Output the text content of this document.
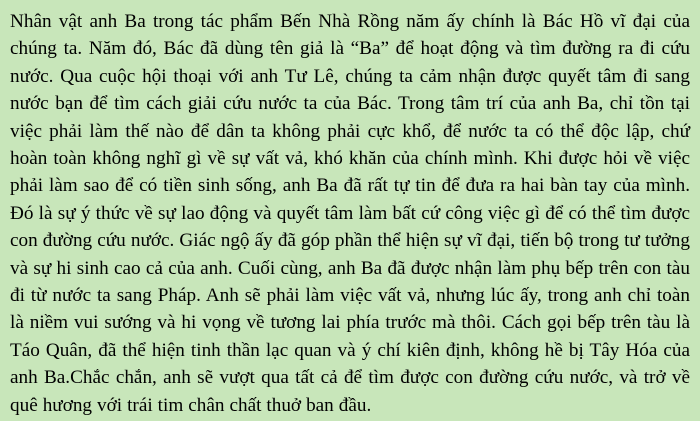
Nhân vật anh Ba trong tác phẩm Bến Nhà Rồng năm ấy chính là Bác Hồ vĩ đại của chúng ta. Năm đó, Bác đã dùng tên giả là “Ba” để hoạt động và tìm đường ra đi cứu nước. Qua cuộc hội thoại với anh Tư Lê, chúng ta cảm nhận được quyết tâm đi sang nước bạn để tìm cách giải cứu nước ta của Bác. Trong tâm trí của anh Ba, chỉ tồn tại việc phải làm thế nào để dân ta không phải cực khổ, để nước ta có thể độc lập, chứ hoàn toàn không nghĩ gì về sự vất vả, khó khăn của chính mình. Khi được hỏi về việc phải làm sao để có tiền sinh sống, anh Ba đã rất tự tin để đưa ra hai bàn tay của mình. Đó là sự ý thức về sự lao động và quyết tâm làm bất cứ công việc gì để có thể tìm được con đường cứu nước. Giác ngộ ấy đã góp phần thể hiện sự vĩ đại, tiến bộ trong tư tưởng và sự hi sinh cao cả của anh. Cuối cùng, anh Ba đã được nhận làm phụ bếp trên con tàu đi từ nước ta sang Pháp. Anh sẽ phải làm việc vất vả, nhưng lúc ấy, trong anh chỉ toàn là niềm vui sướng và hi vọng về tương lai phía trước mà thôi. Cách gọi bếp trên tàu là Táo Quân, đã thể hiện tinh thần lạc quan và ý chí kiên định, không hề bị Tây Hóa của anh Ba.Chắc chắn, anh sẽ vượt qua tất cả để tìm được con đường cứu nước, và trở về quê hương với trái tim chân chất thuở ban đầu.
